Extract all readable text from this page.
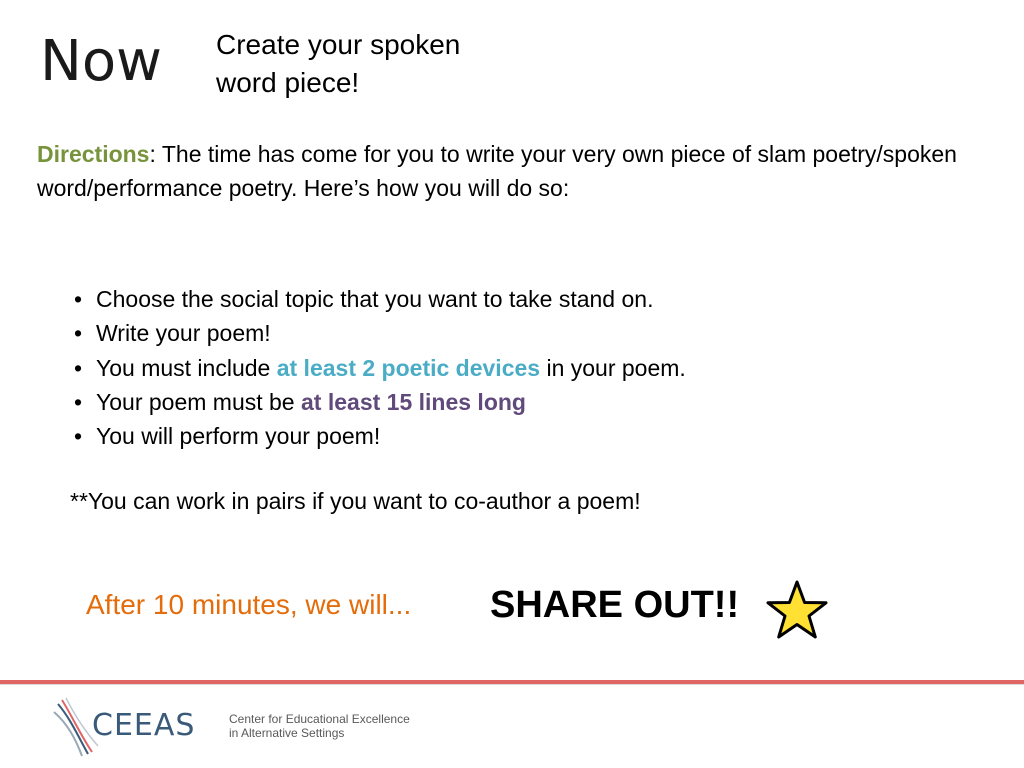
Now Create your spoken
word piece!
Directions: The time has come for you to write your very own piece of slam poetry/spoken word/performance poetry. Here’s how you will do so:
• Choose the social topic that you want to take stand on.
• Write your poem!
• You must include at least 2 poetic devices in your poem.
• Your poem must be at least 15 lines long
• You will perform your poem!
**You can work in pairs if you want to co-author a poem!
After 10 minutes, we will... SHARE OUT!!
CEEAS	Center for Educational Excellence
in Alternative Settings
